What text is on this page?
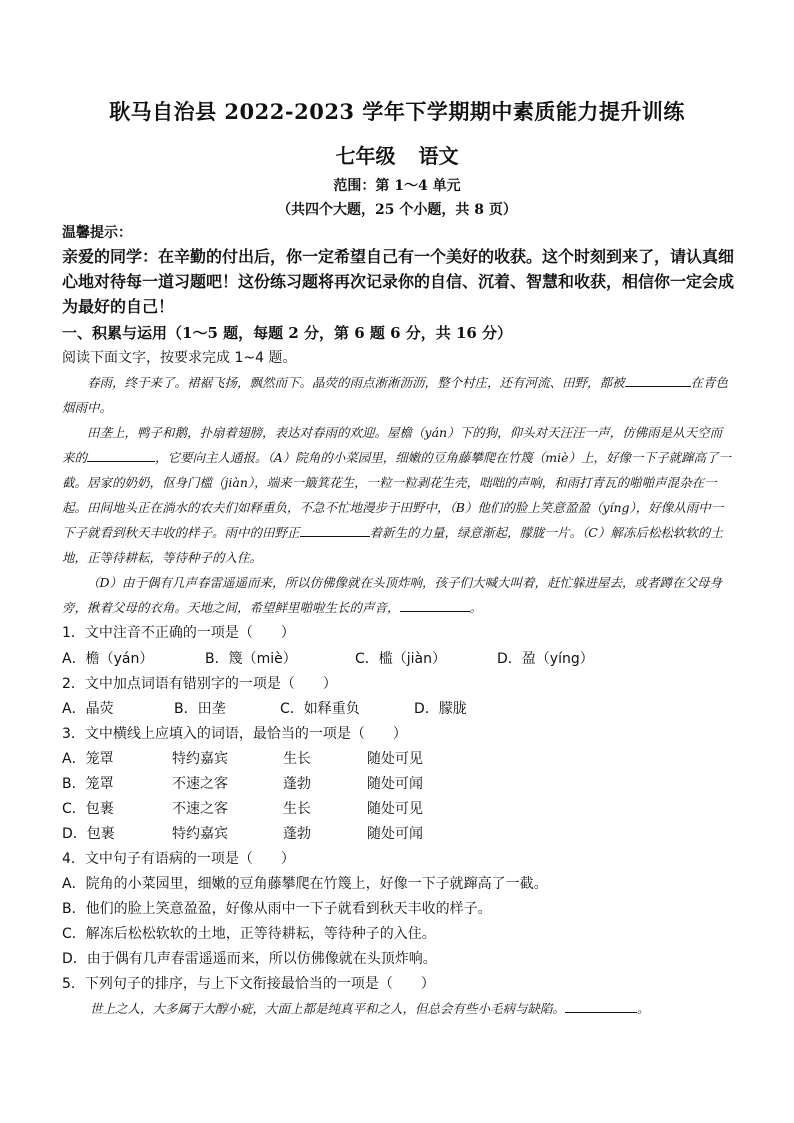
耿马自治县 2022-2023 学年下学期期中素质能力提升训练
七年级 语文
范围：第 1～4 单元
（共四个大题，25 个小题，共 8 页）
温馨提示：
亲爱的同学：在辛勤的付出后，你一定希望自己有一个美好的收获。这个时刻到来了，请认真细心地对待每一道习题吧！这份练习题将再次记录你的自信、沉着、智慧和收获，相信你一定会成为最好的自己！
一、积累与运用（1～5 题，每题 2 分，第 6 题 6 分，共 16 分）
阅读下面文字，按要求完成 1~4 题。
春雨，终于来了。裙裾飞扬，飘然而下。晶荧的雨点淅淅沥沥，整个村庄，还有河流、田野，都被	在青色烟雨中。
田垄上，鸭子和鹅，扑扇着翅膀，表达对春雨的欢迎。屋檐（yán）下的狗，仰头对天汪汪一声，仿佛雨是从天空而来的	，它要向主人通报。（A）院角的小菜园里，细嫩的豆角藤攀爬在竹篾（miè）上，好像一下子就蹿高了一截。居家的奶奶，伛身门槛（jiàn），端来一簸箕花生，一粒一粒剥花生壳，咄咄的声响，和雨打青瓦的啪啪声混杂在一起。田间地头正在淌水的农夫们如释重负，不急不忙地漫步于田野中，（B）他们的脸上笑意盈盈（yíng），好像从雨中一下子就看到秋天丰收的样子。雨中的田野正	着新生的力量，绿意渐起，朦胧一片。（C）解冻后松松软软的土地，正等待耕耘，等待种子的入住。
（D）由于偶有几声春雷遥遥而来，所以仿佛像就在头顶炸响，孩子们大喊大叫着，赶忙躲进屋去，或者蹲在父母身旁，揪着父母的衣角。天地之间，希望鲜里啪啦生长的声音，	。
1．文中注音不正确的一项是（　　）
A．檐（yán）	B．篾（miè）	C．槛（jiàn）	D．盈（yíng）
2．文中加点词语有错别字的一项是（　　）
A．晶荧	B．田垄	C．如释重负	D．朦胧
3．文中横线上应填入的词语，最恰当的一项是（　　）
A．笼罩	特约嘉宾	生长	随处可见
B．笼罩	不速之客	蓬勃	随处可闻
C．包裹	不速之客	生长	随处可见
D．包裹	特约嘉宾	蓬勃	随处可闻
4．文中句子有语病的一项是（　　）
A．院角的小菜园里，细嫩的豆角藤攀爬在竹篾上，好像一下子就蹿高了一截。
B．他们的脸上笑意盈盈，好像从雨中一下子就看到秋天丰收的样子。
C．解冻后松松软软的土地，正等待耕耘，等待种子的入住。
D．由于偶有几声春雷遥遥而来，所以仿佛像就在头顶炸响。
5．下列句子的排序，与上下文衔接最恰当的一项是（　　）
世上之人，大多属于大醇小疵，大面上都是纯真平和之人，但总会有些小毛病与缺陷。	。
